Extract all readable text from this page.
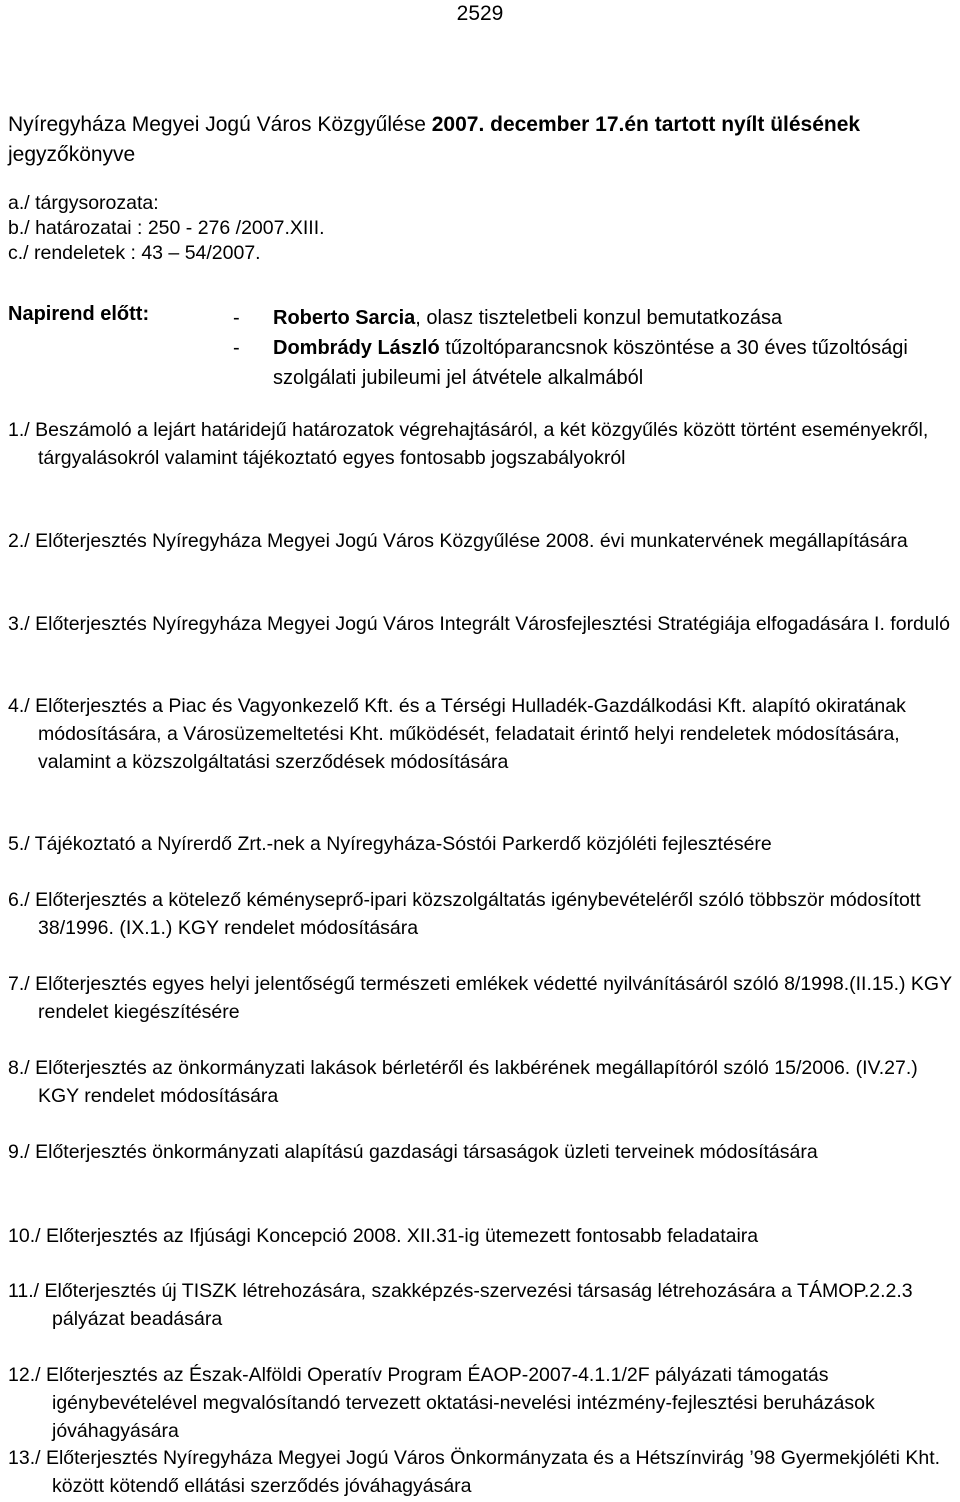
2529
Nyíregyháza Megyei Jogú Város Közgyűlése 2007. december 17.én tartott nyílt ülésének jegyzőkönyve
a./ tárgysorozata:
b./ határozatai : 250 - 276 /2007.XIII.
c./ rendeletek : 43 – 54/2007.
Napirend előtt:	- Roberto Sarcia, olasz tiszteletbeli konzul bemutatkozása
- Dombrády László tűzoltóparancsnok köszöntése a 30 éves tűzoltósági szolgálati jubileumi jel átvétele alkalmából
1./ Beszámoló a lejárt határidejű határozatok végrehajtásáról, a két közgyűlés között történt eseményekről, tárgyalásokról valamint tájékoztató egyes fontosabb jogszabályokról
2./ Előterjesztés Nyíregyháza Megyei Jogú Város Közgyűlése 2008. évi munkatervének megállapítására
3./ Előterjesztés Nyíregyháza Megyei Jogú Város Integrált Városfejlesztési Stratégiája elfogadására I. forduló
4./ Előterjesztés a Piac és Vagyonkezelő Kft. és a Térségi Hulladék-Gazdálkodási Kft. alapító okiratának módosítására, a Városüzemeltetési Kht. működését, feladatait érintő helyi rendeletek módosítására, valamint a közszolgáltatási szerződések módosítására
5./ Tájékoztató a Nyírerdő Zrt.-nek a Nyíregyháza-Sóstói Parkerdő közjóléti fejlesztésére
6./ Előterjesztés a kötelező kéményseprő-ipari közszolgáltatás igénybevételéről szóló többször módosított 38/1996. (IX.1.) KGY rendelet módosítására
7./ Előterjesztés egyes helyi jelentőségű természeti emlékek védetté nyilvánításáról szóló 8/1998.(II.15.) KGY rendelet kiegészítésére
8./ Előterjesztés az önkormányzati lakások bérletéről és lakbérének megállapítóról szóló 15/2006. (IV.27.) KGY rendelet módosítására
9./ Előterjesztés önkormányzati alapítású gazdasági társaságok üzleti terveinek módosítására
10./ Előterjesztés az Ifjúsági Koncepció 2008. XII.31-ig ütemezett fontosabb feladataira
11./ Előterjesztés új TISZK létrehozására, szakképzés-szervezési társaság létrehozására a TÁMOP.2.2.3 pályázat beadására
12./ Előterjesztés az Észak-Alföldi Operatív Program ÉAOP-2007-4.1.1/2F pályázati támogatás igénybevételével megvalósítandó tervezett oktatási-nevelési intézmény-fejlesztési beruházások jóváhagyására
13./ Előterjesztés Nyíregyháza Megyei Jogú Város Önkormányzata és a Hétszínvirág ’98 Gyermekjóléti Kht. között kötendő ellátási szerződés jóváhagyására
